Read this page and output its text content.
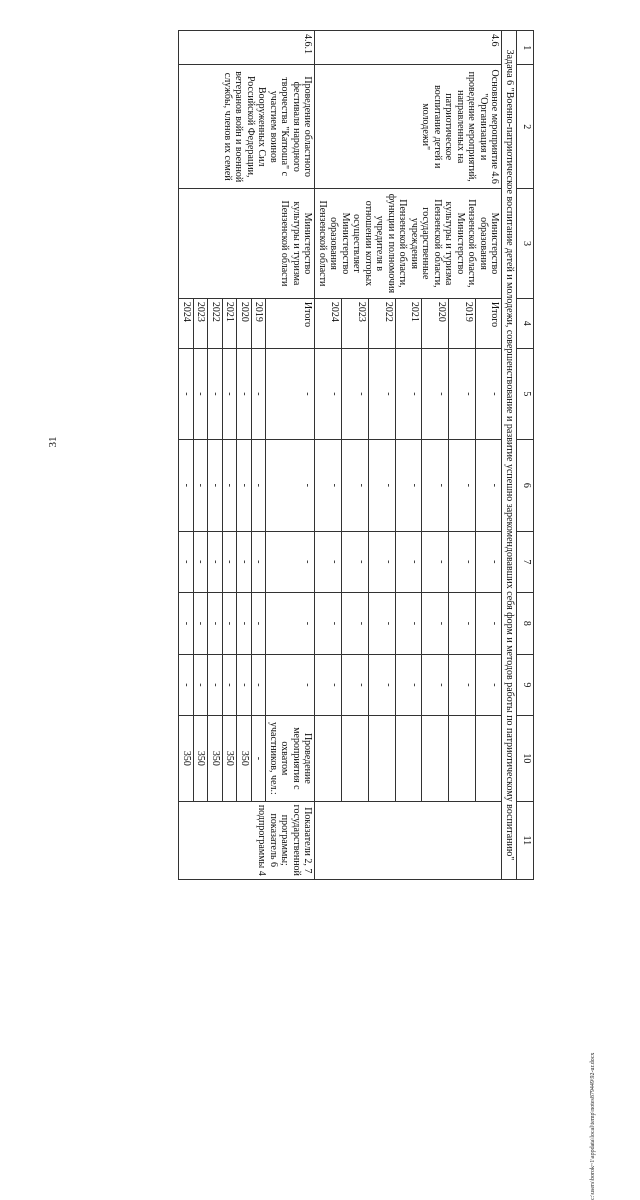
31
c:\users\borok~1\appdata\local\temp\notes879449\92-ur.docx
1	2	3	4	5	6	7	8	9	10	11
Задача 6 "Военно-патриотическое воспитание детей и молодежи, совершенствование и развитие успешно зарекомендовавших себя форм и методов работы по патриотическому воспитанию"										
4.6	Основное мероприятие 4.6 "Организация и проведение мероприятий, направленных на патриотическое воспитание детей и молодежи"	Министерство образования Пензенской области, Министерство культуры и туризма Пензенской области, государственные учреждения Пензенской области, функции и полномочия учредителя в отношении которых осуществляет Министерство образования Пензенской области	Итого	-	-	-	-	-		
			2019	-	-	-	-	-		
			2020	-	-	-	-	-		
			2021	-	-	-	-	-		
			2022	-	-	-	-	-		
			2023	-	-	-	-	-		
			2024	-	-	-	-	-		
4.6.1	Проведение областного фестиваля народного творчества "Катюша" с участием воинов Вооруженных Сил Российской Федерации, ветеранов войн и военной службы, членов их семей	Министерство культуры и туризма Пензенской области	Итого	-	-	-	-	-	Проведение мероприятия с охватом участников, чел.:	Показатели 2, 7 государственной программы; показатель 6 подпрограммы 4
			2019	-	-	-	-	-	-	
			2020	-	-	-	-	-	350	
			2021	-	-	-	-	-	350	
			2022	-	-	-	-	-	350	
			2023	-	-	-	-	-	350	
			2024	-	-	-	-	-	350	
